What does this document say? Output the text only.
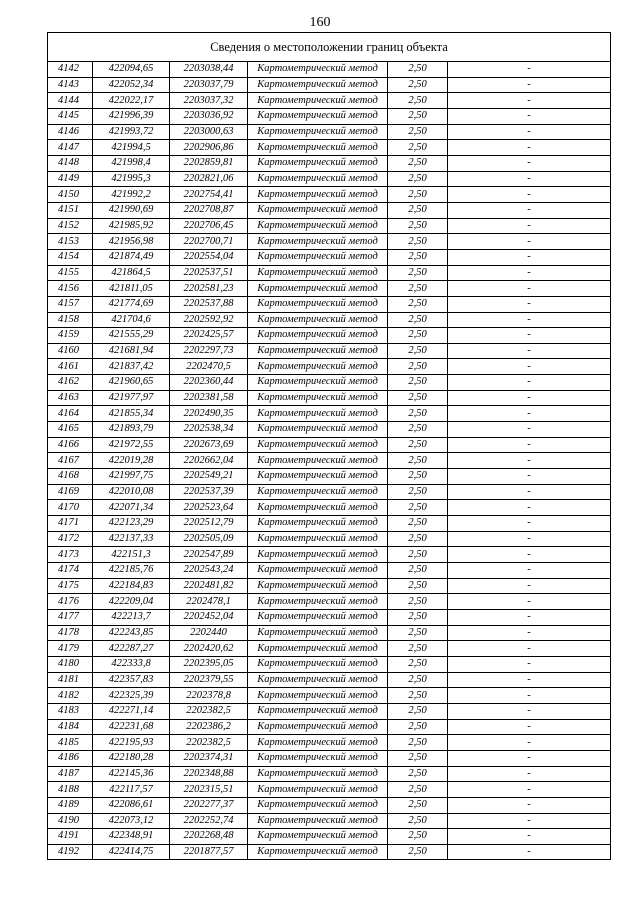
160
Сведения о местоположении границ объекта					
4142	422094,65	2203038,44	Картометрический метод	2,50	-
4143	422052,34	2203037,79	Картометрический метод	2,50	-
4144	422022,17	2203037,32	Картометрический метод	2,50	-
4145	421996,39	2203036,92	Картометрический метод	2,50	-
4146	421993,72	2203000,63	Картометрический метод	2,50	-
4147	421994,5	2202906,86	Картометрический метод	2,50	-
4148	421998,4	2202859,81	Картометрический метод	2,50	-
4149	421995,3	2202821,06	Картометрический метод	2,50	-
4150	421992,2	2202754,41	Картометрический метод	2,50	-
4151	421990,69	2202708,87	Картометрический метод	2,50	-
4152	421985,92	2202706,45	Картометрический метод	2,50	-
4153	421956,98	2202700,71	Картометрический метод	2,50	-
4154	421874,49	2202554,04	Картометрический метод	2,50	-
4155	421864,5	2202537,51	Картометрический метод	2,50	-
4156	421811,05	2202581,23	Картометрический метод	2,50	-
4157	421774,69	2202537,88	Картометрический метод	2,50	-
4158	421704,6	2202592,92	Картометрический метод	2,50	-
4159	421555,29	2202425,57	Картометрический метод	2,50	-
4160	421681,94	2202297,73	Картометрический метод	2,50	-
4161	421837,42	2202470,5	Картометрический метод	2,50	-
4162	421960,65	2202360,44	Картометрический метод	2,50	-
4163	421977,97	2202381,58	Картометрический метод	2,50	-
4164	421855,34	2202490,35	Картометрический метод	2,50	-
4165	421893,79	2202538,34	Картометрический метод	2,50	-
4166	421972,55	2202673,69	Картометрический метод	2,50	-
4167	422019,28	2202662,04	Картометрический метод	2,50	-
4168	421997,75	2202549,21	Картометрический метод	2,50	-
4169	422010,08	2202537,39	Картометрический метод	2,50	-
4170	422071,34	2202523,64	Картометрический метод	2,50	-
4171	422123,29	2202512,79	Картометрический метод	2,50	-
4172	422137,33	2202505,09	Картометрический метод	2,50	-
4173	422151,3	2202547,89	Картометрический метод	2,50	-
4174	422185,76	2202543,24	Картометрический метод	2,50	-
4175	422184,83	2202481,82	Картометрический метод	2,50	-
4176	422209,04	2202478,1	Картометрический метод	2,50	-
4177	422213,7	2202452,04	Картометрический метод	2,50	-
4178	422243,85	2202440	Картометрический метод	2,50	-
4179	422287,27	2202420,62	Картометрический метод	2,50	-
4180	422333,8	2202395,05	Картометрический метод	2,50	-
4181	422357,83	2202379,55	Картометрический метод	2,50	-
4182	422325,39	2202378,8	Картометрический метод	2,50	-
4183	422271,14	2202382,5	Картометрический метод	2,50	-
4184	422231,68	2202386,2	Картометрический метод	2,50	-
4185	422195,93	2202382,5	Картометрический метод	2,50	-
4186	422180,28	2202374,31	Картометрический метод	2,50	-
4187	422145,36	2202348,88	Картометрический метод	2,50	-
4188	422117,57	2202315,51	Картометрический метод	2,50	-
4189	422086,61	2202277,37	Картометрический метод	2,50	-
4190	422073,12	2202252,74	Картометрический метод	2,50	-
4191	422348,91	2202268,48	Картометрический метод	2,50	-
4192	422414,75	2201877,57	Картометрический метод	2,50	-
